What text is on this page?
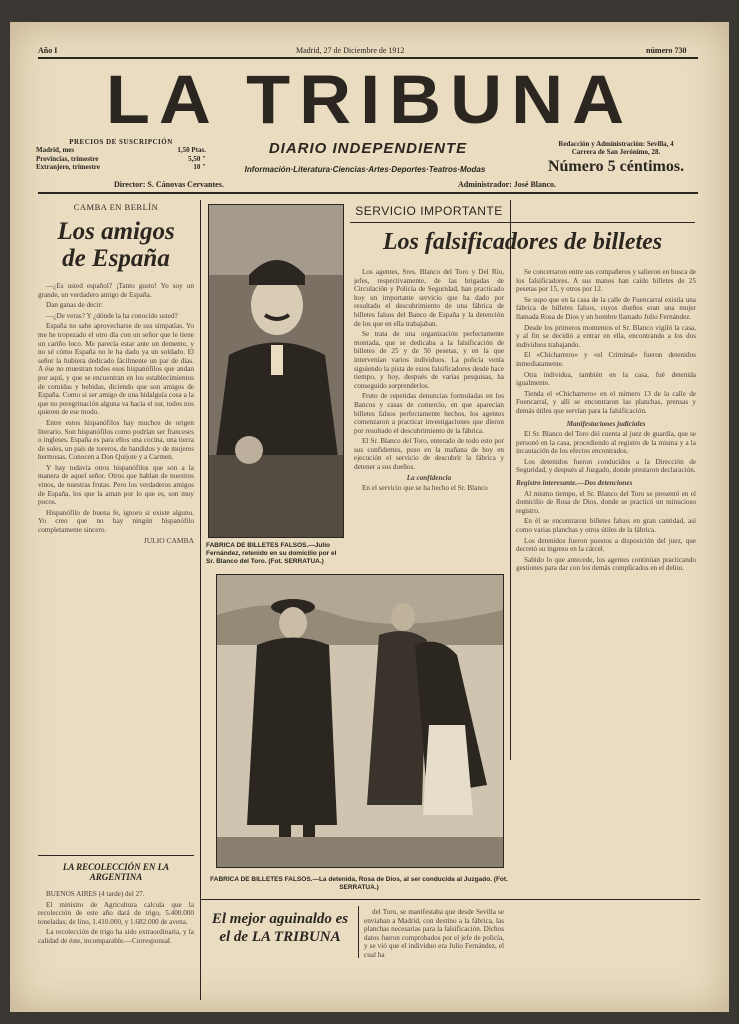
Año I	Madrid, 27 de Diciembre de 1912	número 730
LA TRIBUNA
PRECIOS DE SUSCRIPCIÓN
Madrid, mes	1,50 Ptas.
Provincias, trimestre	5,50 "
Extranjero, trimestre	10 "
DIARIO INDEPENDIENTE
Información·Literatura·Ciencias·Artes·Deportes·Teatros·Modas
Redacción y Administración: Sevilla, 4
Carrera de San Jerónimo, 28.
Número 5 céntimos.
Director: S. Cánovas Cervantes.	Administrador: José Blanco.
CAMBA EN BERLÍN
Los amigos
de España

—¿Es usted español? ¡Tanto gusto! Yo soy un grande, un verdadero amigo de España.

Dan ganas de decir:

—¿De veras? Y ¿dónde la ha conocido usted?

España no sabe aprovecharse de sus simpatías. Yo me he tropezado el otro día con un señor que le tiene un cariño loco. Me parecía estar ante un demente, y no sé cómo España no le ha dado ya un soldado. El señor la hubiera dedicado fácilmente un par de días. A ése no muestran todos esos hispanófilos que andan por aquí, y que se encuentran en los establecimientos de comidas y bebidas, diciendo que son amigos de España. Como si ser amigo de una hidalguía cosa a la que no peregrinación alguna va hacia el sur, todos nos quieren de ese modo.

Entre estos hispanófilos hay muchos de origen literario. Son hispanófilos como podrían ser franceses o ingleses. España es para ellos una cocina, una tierra de soles, un país de toreros, de bandidos y de mujeres hermosas. Conocen a Don Quijote y a Carmen.

Y hay todavía otros hispanófilos que son a la manera de aquel señor. Otros que hablan de nuestros vinos, de nuestras frutas. Pero los verdaderos amigos de España, los que la aman por lo que es, son muy pocos.

Hispanófilo de buena fe, ignoro si existe alguno. Yo creo que no hay ningún hispanófilo completamente sincero.

JULIO CAMBA

LA RECOLECCIÓN EN LA ARGENTINA

BUENOS AIRES (4 tarde) del 27.

El ministro de Agricultura calcula que la recolección de este año dará de trigo, 5.400.000 toneladas; de lino, 1.410.000, y 1.682.000 de avena.

La recolección de trigo ha sido extraordinaria, y la calidad de éste, incomparable.—Corresponsal.

FABRICA DE BILLETES FALSOS.—Julio Fernández, retenido en su domicilio por el Sr. Blanco del Toro. (Fot. SERRATUA.)
SERVICIO IMPORTANTE
Los falsificadores de billetes

Los agentes, Sres. Blanco del Toro y Del Río, jefes, respectivamente, de las brigadas de Circulación y Policía de Seguridad, han practicado hoy un importante servicio que ha dado por resultado el descubrimiento de una fábrica de billetes falsos del Banco de España y la detención de los que en ella trabajaban.

Se trata de una organización perfectamente montada, que se dedicaba a la falsificación de billetes de 25 y de 50 pesetas, y en la que intervenían varios individuos. La policía venía siguiendo la pista de estos falsificadores desde hace tiempo, y hoy, después de varias pesquisas, ha conseguido sorprenderlos.

Fruto de repetidas denuncias formuladas en los Bancos y casas de comercio, en que aparecían billetes falsos perfectamente hechos, los agentes comenzaron a practicar investigaciones que dieron por resultado el descubrimiento de la fábrica.

El Sr. Blanco del Toro, enterado de todo esto por sus confidentes, puso en la mañana de hoy en ejecución el servicio de descubrir la fábrica y detener a sus dueños.

La confidencia

En el servicio que se ha hecho el Sr. Blanco

Se concertaron entre sus compañeros y salieron en busca de los falsificadores. A sus manos han caído billetes de 25 pesetas por 15, y otros por 12.

Se supo que en la casa de la calle de Fuencarral existía una fábrica de billetes falsos, cuyos dueños eran una mujer llamada Rosa de Dios y un hombre llamado Julio Fernández.

Desde los primeros momentos el Sr. Blanco vigiló la casa, y al fin se decidió a entrar en ella, encontrando a los dos individuos trabajando.

El «Chicharrero» y «el Criminal» fueron detenidos inmediatamente.

Otra individua, también en la casa, fué detenida igualmente.

Tienda el «Chicharrero» en el número 13 de la calle de Fuencarral, y allí se encontraron las planchas, prensas y demás útiles que servían para la falsificación.

Manifestaciones judiciales

El Sr. Blanco del Toro dió cuenta al juez de guardia, que se personó en la casa, procediendo al registro de la misma y a la incautación de los efectos encontrados.

Los detenidos fueron conducidos a la Dirección de Seguridad, y después al Juzgado, donde prestaron declaración.

Registro interesante.—Dos detenciones

Al mismo tiempo, el Sr. Blanco del Toro se presentó en el domicilio de Rosa de Dios, donde se practicó un minucioso registro.

En él se encontraron billetes falsos en gran cantidad, así como varias planchas y otros útiles de la fábrica.

Los detenidos fueron puestos a disposición del juez, que decretó su ingreso en la cárcel.

Sabido lo que antecede, los agentes continúan practicando gestiones para dar con los demás complicados en el delito.

FABRICA DE BILLETES FALSOS.—La detenida, Rosa de Dios, al ser conducida al Juzgado. (Fot. SERRATUA.)
El mejor aguinaldo es
el de LA TRIBUNA

del Toro, se manifestaba que desde Sevilla se enviaban a Madrid, con destino a la fábrica, las planchas necesarias para la falsificación. Dichos datos fueron comprobados por el jefe de policía, y se vió que el individuo era Julio Fernández, el cual ha
